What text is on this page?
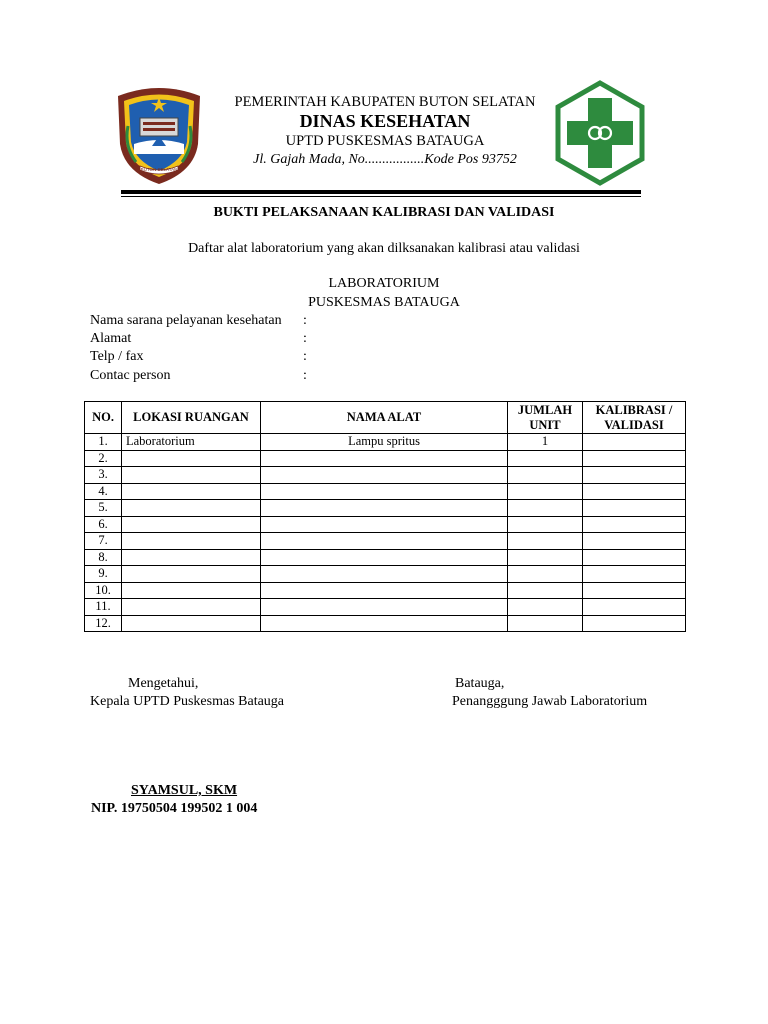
BUTON SELATAN
PEMERINTAH KABUPATEN BUTON SELATAN
DINAS KESEHATAN
UPTD PUSKESMAS BATAUGA
Jl. Gajah Mada, No.................Kode Pos 93752
BUKTI PELAKSANAAN KALIBRASI DAN VALIDASI
Daftar alat laboratorium yang akan dilksanakan kalibrasi atau validasi
LABORATORIUM
PUSKESMAS BATAUGA
Nama sarana pelayanan kesehatan :
Alamat	:
Telp / fax	:
Contac person	:
NO.	LOKASI RUANGAN	NAMA ALAT	JUMLAH UNIT	KALIBRASI / VALIDASI
1.	Laboratorium	Lampu spritus	1	
2.				
3.				
4.				
5.				
6.				
7.				
8.				
9.				
10.				
11.				
12.				
Mengetahui,
Kepala UPTD Puskesmas Batauga
Batauga,
Penangggung Jawab Laboratorium
SYAMSUL, SKM
NIP. 19750504 199502 1 004
